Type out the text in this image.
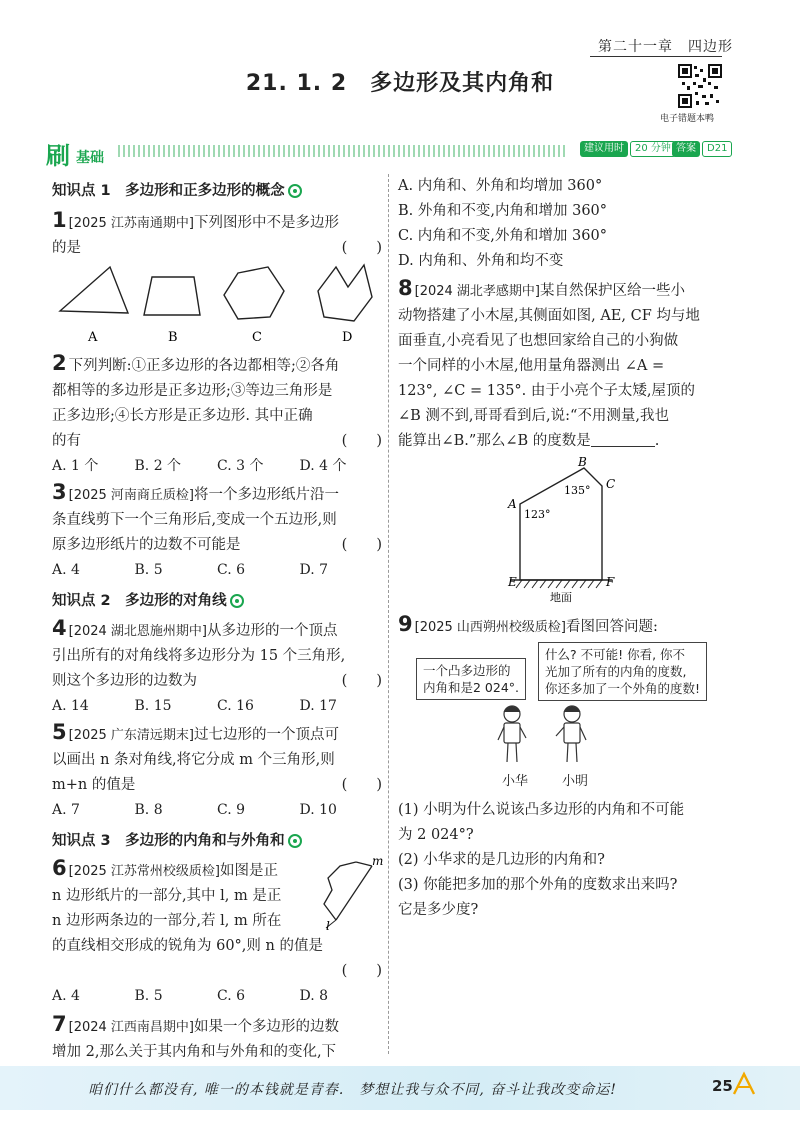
第二十一章　四边形
电子错题本鸭
21. 1. 2　多边形及其内角和
刷 基础
建议用时	20 分钟 答案	D21

知识点 1　多边形和正多边形的概念

1 [2025 江苏南通期中]下列图形中不是多边形
的是	(　　)
A	B	C	D
2 下列判断:①正多边形的各边都相等;②各角
都相等的多边形是正多边形;③等边三角形是
正多边形;④长方形是正多边形. 其中正确
的有	(　　)
A. 1 个	B. 2 个	C. 3 个	D. 4 个
3 [2025 河南商丘质检]将一个多边形纸片沿一
条直线剪下一个三角形后,变成一个五边形,则
原多边形纸片的边数不可能是	(　　)
A. 4	B. 5	C. 6	D. 7

知识点 2　多边形的对角线

4 [2024 湖北恩施州期中]从多边形的一个顶点
引出所有的对角线将多边形分为 15 个三角形,
则这个多边形的边数为	(　　)
A. 14	B. 15	C. 16	D. 17
5 [2025 广东清远期末]过七边形的一个顶点可
以画出 n 条对角线,将它分成 m 个三角形,则
m+n 的值是	(　　)
A. 7	B. 8	C. 9	D. 10

知识点 3　多边形的内角和与外角和

m
l
6 [2025 江苏常州校级质检]如图是正
n 边形纸片的一部分,其中 l, m 是正
n 边形两条边的一部分,若 l, m 所在
的直线相交形成的锐角为 60°,则 n 的值是

(　　)

A. 4	B. 5	C. 6	D. 8
7 [2024 江西南昌期中]如果一个多边形的边数
增加 2,那么关于其内角和与外角和的变化,下

A. 内角和、外角和均增加 360°
B. 外角和不变,内角和增加 360°
C. 内角和不变,外角和增加 360°
D. 内角和、外角和均不变
8 [2024 湖北孝感期中]某自然保护区给一些小
动物搭建了小木屋,其侧面如图, AE, CF 均与地
面垂直,小亮看见了也想回家给自己的小狗做
一个同样的小木屋,他用量角器测出 ∠A =
123°, ∠C = 135°. 由于小亮个子太矮,屋顶的
∠B 测不到,哥哥看到后,说:“不用测量,我也
能算出∠B.”那么∠B 的度数是	.
B
C
A
E	F
123°
135°
地面
9 [2025 山西朔州校级质检]看图回答问题:
一个凸多边形的
内角和是2 024°.
什么? 不可能! 你看, 你不
光加了所有的内角的度数,
你还多加了一个外角的度数!
小华	小明
(1) 小明为什么说该凸多边形的内角和不可能
为 2 024°?
(2) 小华求的是几边形的内角和?
(3) 你能把多加的那个外角的度数求出来吗?
它是多少度?
咱们什么都没有, 唯一的本钱就是青春.　梦想让我与众不同, 奋斗让我改变命运!	25
